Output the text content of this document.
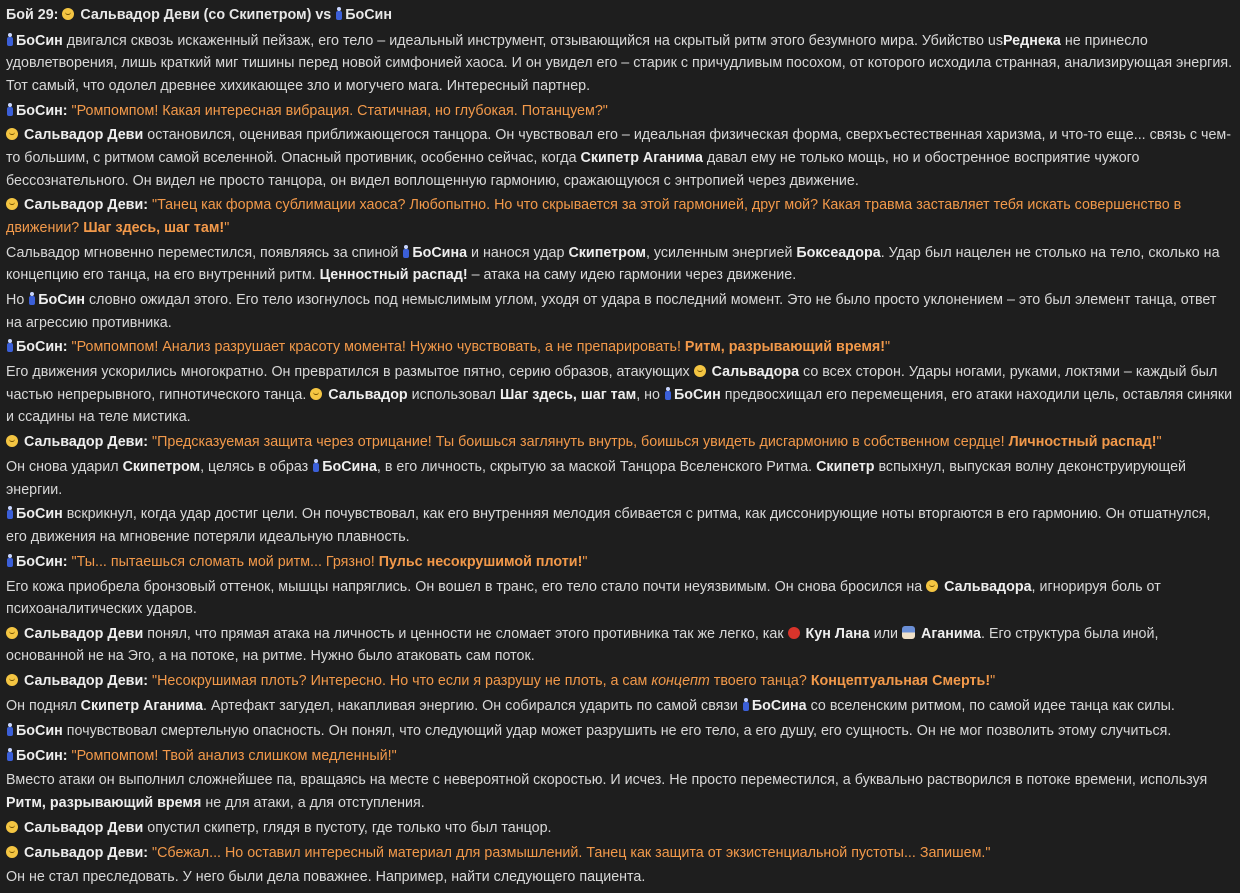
Бой 29:  Сальвадор Деви (со Скипетром) vs БоСин
БоСин двигался сквозь искаженный пейзаж, его тело – идеальный инструмент, отзывающийся на скрытый ритм этого безумного мира. Убийство usРеднека не принесло удовлетворения, лишь краткий миг тишины перед новой симфонией хаоса. И он увидел его – старик с причудливым посохом, от которого исходила странная, анализирующая энергия. Тот самый, что одолел древнее хихикающее зло и могучего мага. Интересный партнер.
БоСин: "Ромпомпом! Какая интересная вибрация. Статичная, но глубокая. Потанцуем?"
Сальвадор Деви остановился, оценивая приближающегося танцора. Он чувствовал его – идеальная физическая форма, сверхъестественная харизма, и что-то еще... связь с чем-то большим, с ритмом самой вселенной. Опасный противник, особенно сейчас, когда Скипетр Аганима давал ему не только мощь, но и обостренное восприятие чужого бессознательного. Он видел не просто танцора, он видел воплощенную гармонию, сражающуюся с энтропией через движение.
Сальвадор Деви: "Танец как форма сублимации хаоса? Любопытно. Но что скрывается за этой гармонией, друг мой? Какая травма заставляет тебя искать совершенство в движении? Шаг здесь, шаг там!"
Сальвадор мгновенно переместился, появляясь за спиной БоСина и нанося удар Скипетром, усиленным энергией Боксеадора. Удар был нацелен не столько на тело, сколько на концепцию его танца, на его внутренний ритм. Ценностный распад! – атака на саму идею гармонии через движение.
Но БоСин словно ожидал этого. Его тело изогнулось под немыслимым углом, уходя от удара в последний момент. Это не было просто уклонением – это был элемент танца, ответ на агрессию противника.
БоСин: "Ромпомпом! Анализ разрушает красоту момента! Нужно чувствовать, а не препарировать! Ритм, разрывающий время!"
Его движения ускорились многократно. Он превратился в размытое пятно, серию образов, атакующих  Сальвадора со всех сторон. Удары ногами, руками, локтями – каждый был частью непрерывного, гипнотического танца.  Сальвадор использовал Шаг здесь, шаг там, но БоСин предвосхищал его перемещения, его атаки находили цель, оставляя синяки и ссадины на теле мистика.
Сальвадор Деви: "Предсказуемая защита через отрицание! Ты боишься заглянуть внутрь, боишься увидеть дисгармонию в собственном сердце! Личностный распад!"
Он снова ударил Скипетром, целясь в образ БоСина, в его личность, скрытую за маской Танцора Вселенского Ритма. Скипетр вспыхнул, выпуская волну деконструирующей энергии.
БоСин вскрикнул, когда удар достиг цели. Он почувствовал, как его внутренняя мелодия сбивается с ритма, как диссонирующие ноты вторгаются в его гармонию. Он отшатнулся, его движения на мгновение потеряли идеальную плавность.
БоСин: "Ты... пытаешься сломать мой ритм... Грязно! Пульс несокрушимой плоти!"
Его кожа приобрела бронзовый оттенок, мышцы напряглись. Он вошел в транс, его тело стало почти неуязвимым. Он снова бросился на  Сальвадора, игнорируя боль от психоаналитических ударов.
Сальвадор Деви понял, что прямая атака на личность и ценности не сломает этого противника так же легко, как  Кун Лана или  Аганима. Его структура была иной, основанной не на Эго, а на потоке, на ритме. Нужно было атаковать сам поток.
Сальвадор Деви: "Несокрушимая плоть? Интересно. Но что если я разрушу не плоть, а сам концепт твоего танца? Концептуальная Смерть!"
Он поднял Скипетр Аганима. Артефакт загудел, накапливая энергию. Он собирался ударить по самой связи БоСина со вселенским ритмом, по самой идее танца как силы.
БоСин почувствовал смертельную опасность. Он понял, что следующий удар может разрушить не его тело, а его душу, его сущность. Он не мог позволить этому случиться.
БоСин: "Ромпомпом! Твой анализ слишком медленный!"
Вместо атаки он выполнил сложнейшее па, вращаясь на месте с невероятной скоростью. И исчез. Не просто переместился, а буквально растворился в потоке времени, используя Ритм, разрывающий время не для атаки, а для отступления.
Сальвадор Деви опустил скипетр, глядя в пустоту, где только что был танцор.
Сальвадор Деви: "Сбежал... Но оставил интересный материал для размышлений. Танец как защита от экзистенциальной пустоты... Запишем."
Он не стал преследовать. У него были дела поважнее. Например, найти следующего пациента.
